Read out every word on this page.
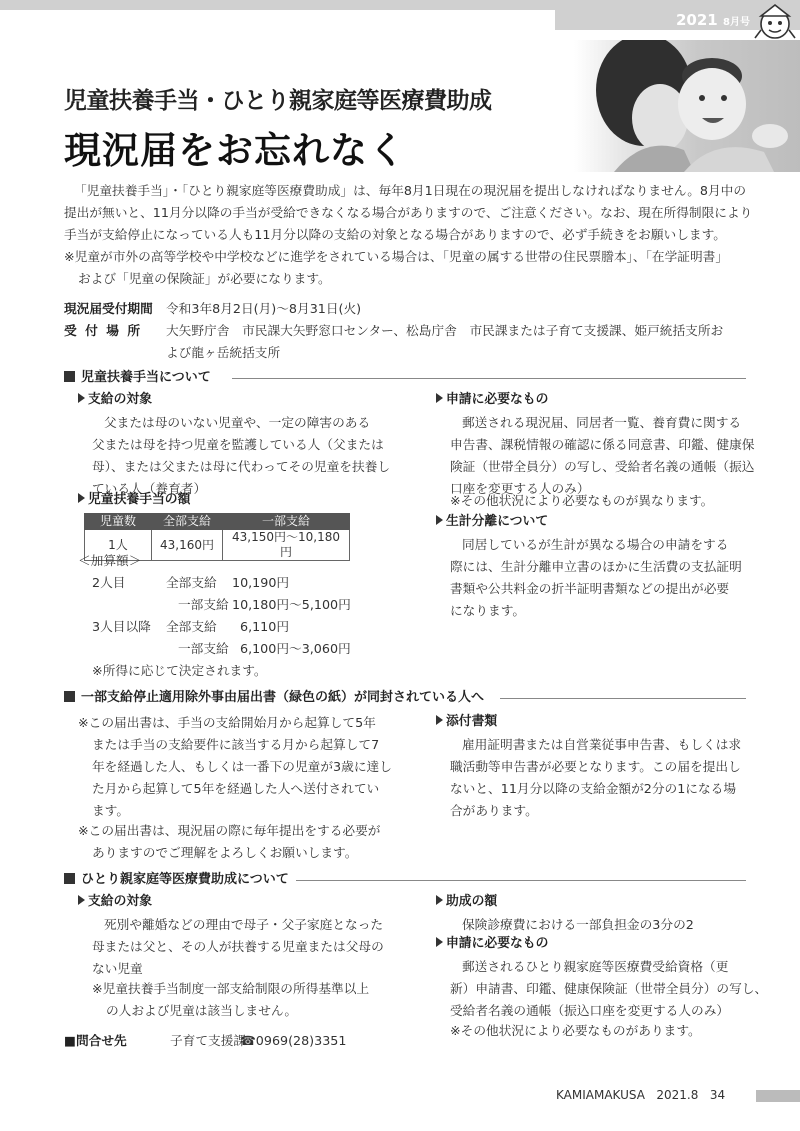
2021 8月号
児童扶養手当・ひとり親家庭等医療費助成
現況届をお忘れなく
「児童扶養手当」・「ひとり親家庭等医療費助成」は、毎年8月1日現在の現況届を提出しなければなりません。8月中の
提出が無いと、11月分以降の手当が受給できなくなる場合がありますので、ご注意ください。なお、現在所得制限により
手当が支給停止になっている人も11月分以降の支給の対象となる場合がありますので、必ず手続きをお願いします。
※児童が市外の高等学校や中学校などに進学をされている場合は、「児童の属する世帯の住民票謄本」、「在学証明書」
および「児童の保険証」が必要になります。
現況届受付期間 令和3年8月2日(月)～8月31日(火)
受 付 場 所 大矢野庁舎　市民課大矢野窓口センター、松島庁舎　市民課または子育て支援課、姫戸統括支所お
よび龍ヶ岳統括支所
児童扶養手当について
支給の対象
父または母のいない児童や、一定の障害のある
父または母を持つ児童を監護している人（父または
母）、または父または母に代わってその児童を扶養し
ている人（養育者）
児童扶養手当の額
児童数	全部支給	一部支給
1人	43,160円	43,150円～10,180円
＜加算額＞
2人目	全部支給 10,190円
一部支給 10,180円～5,100円
3人目以降 全部支給 6,110円
一部支給 6,100円～3,060円
※所得に応じて決定されます。
申請に必要なもの
郵送される現況届、同居者一覧、養育費に関する
申告書、課税情報の確認に係る同意書、印鑑、健康保
険証（世帯全員分）の写し、受給者名義の通帳（振込
口座を変更する人のみ）
※その他状況により必要なものが異なります。
生計分離について
同居しているが生計が異なる場合の申請をする
際には、生計分離申立書のほかに生活費の支払証明
書類や公共料金の折半証明書類などの提出が必要
になります。
一部支給停止適用除外事由届出書（緑色の紙）が同封されている人へ
※この届出書は、手当の支給開始月から起算して5年
または手当の支給要件に該当する月から起算して7
年を経過した人、もしくは一番下の児童が3歳に達し
た月から起算して5年を経過した人へ送付されてい
ます。
※この届出書は、現況届の際に毎年提出をする必要が
ありますのでご理解をよろしくお願いします。
添付書類
雇用証明書または自営業従事申告書、もしくは求
職活動等申告書が必要となります。この届を提出し
ないと、11月分以降の支給金額が2分の1になる場
合があります。
ひとり親家庭等医療費助成について
支給の対象
死別や離婚などの理由で母子・父子家庭となった
母または父と、その人が扶養する児童または父母の
ない児童
※児童扶養手当制度一部支給制限の所得基準以上
の人および児童は該当しません。
助成の額
保険診療費における一部負担金の3分の2
申請に必要なもの
郵送されるひとり親家庭等医療費受給資格（更
新）申請書、印鑑、健康保険証（世帯全員分）の写し、
受給者名義の通帳（振込口座を変更する人のみ）
※その他状況により必要なものがあります。
■問合せ先	子育て支援課
☎0969(28)3351
KAMIAMAKUSA 2021.8 34
